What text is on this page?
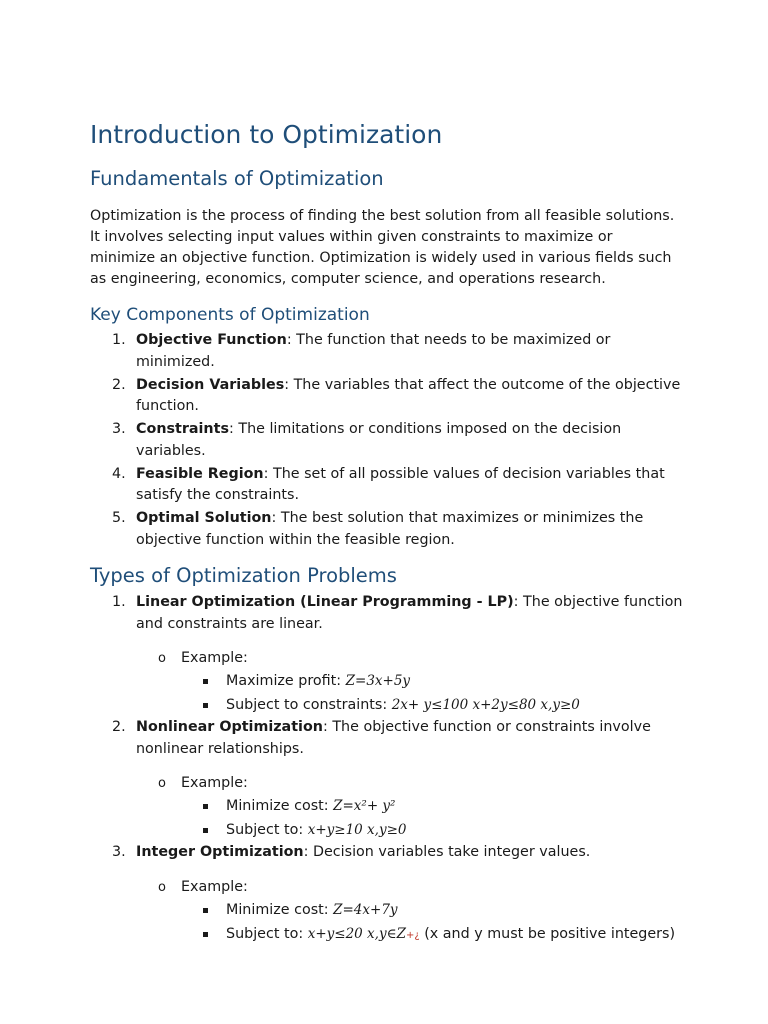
Introduction to Optimization
Fundamentals of Optimization

Optimization is the process of finding the best solution from all feasible solutions. It involves selecting input values within given constraints to maximize or minimize an objective function. Optimization is widely used in various fields such as engineering, economics, computer science, and operations research.

Key Components of Optimization
1. Objective Function: The function that needs to be maximized or minimized.
2. Decision Variables: The variables that affect the outcome of the objective function.
3. Constraints: The limitations or conditions imposed on the decision variables.
4. Feasible Region: The set of all possible values of decision variables that satisfy the constraints.
5. Optimal Solution: The best solution that maximizes or minimizes the objective function within the feasible region.
Types of Optimization Problems
1. Linear Optimization (Linear Programming - LP): The objective function and constraints are linear.
o Example:
Maximize profit: Z=3x+5y
Subject to constraints: 2x+ y≤100 x+2y≤80 x,y≥0
2. Nonlinear Optimization: The objective function or constraints involve nonlinear relationships.
o Example:
Minimize cost: Z=x²+ y²
Subject to: x+y≥10 x,y≥0
3. Integer Optimization: Decision variables take integer values.
o Example:
Minimize cost: Z=4x+7y
Subject to: x+y≤20 x,y∈Z+¿ (x and y must be positive integers)
